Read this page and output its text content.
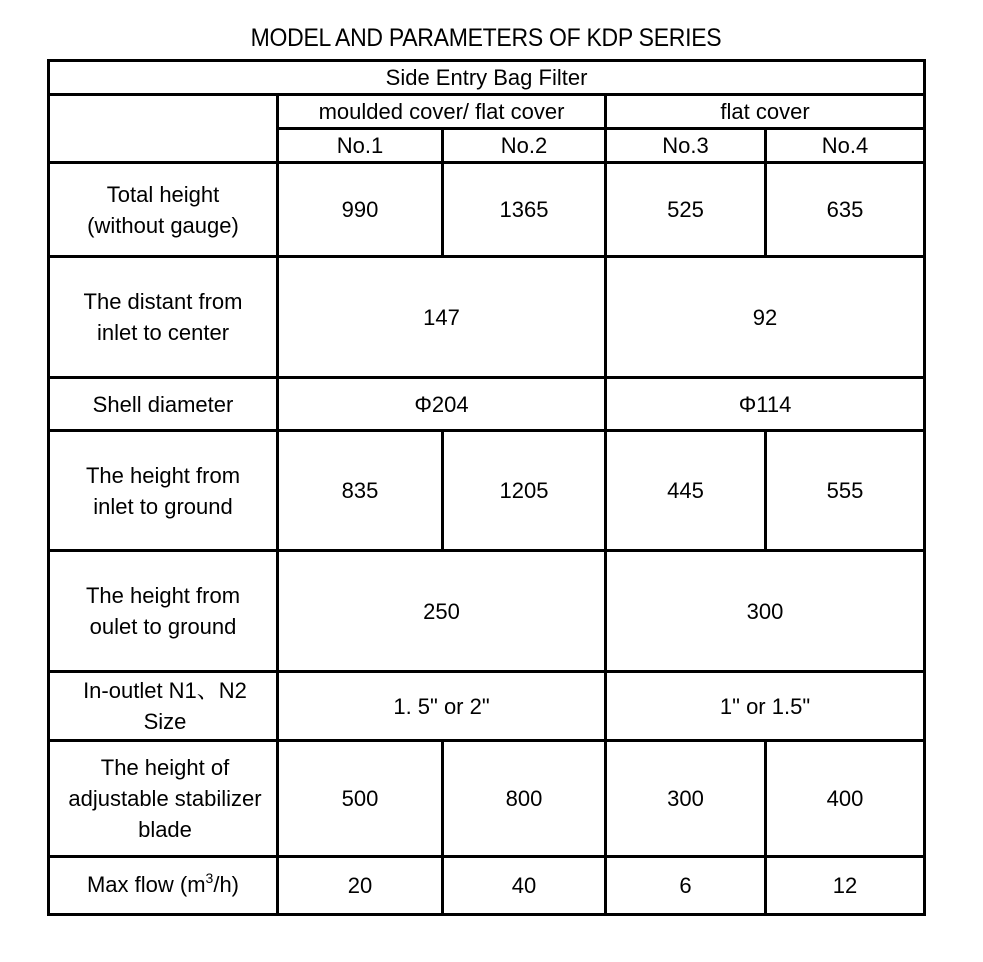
MODEL AND PARAMETERS OF KDP SERIES
Side Entry Bag Filter				
	moulded cover/ flat cover		flat cover	
	No.1	No.2	No.3	No.4
Total height
(without gauge)	990	1365	525	635
The distant from
inlet to center	147		92	
Shell diameter	Φ204		Φ114	
The height from
inlet to ground	835	1205	445	555
The height from
oulet to ground	250		300	
In-outlet N1、N2
Size	1. 5" or 2"		1" or 1.5"	
The height of
adjustable stabilizer
blade	500	800	300	400
Max flow $(m^3/h)$	20	40	6	12
